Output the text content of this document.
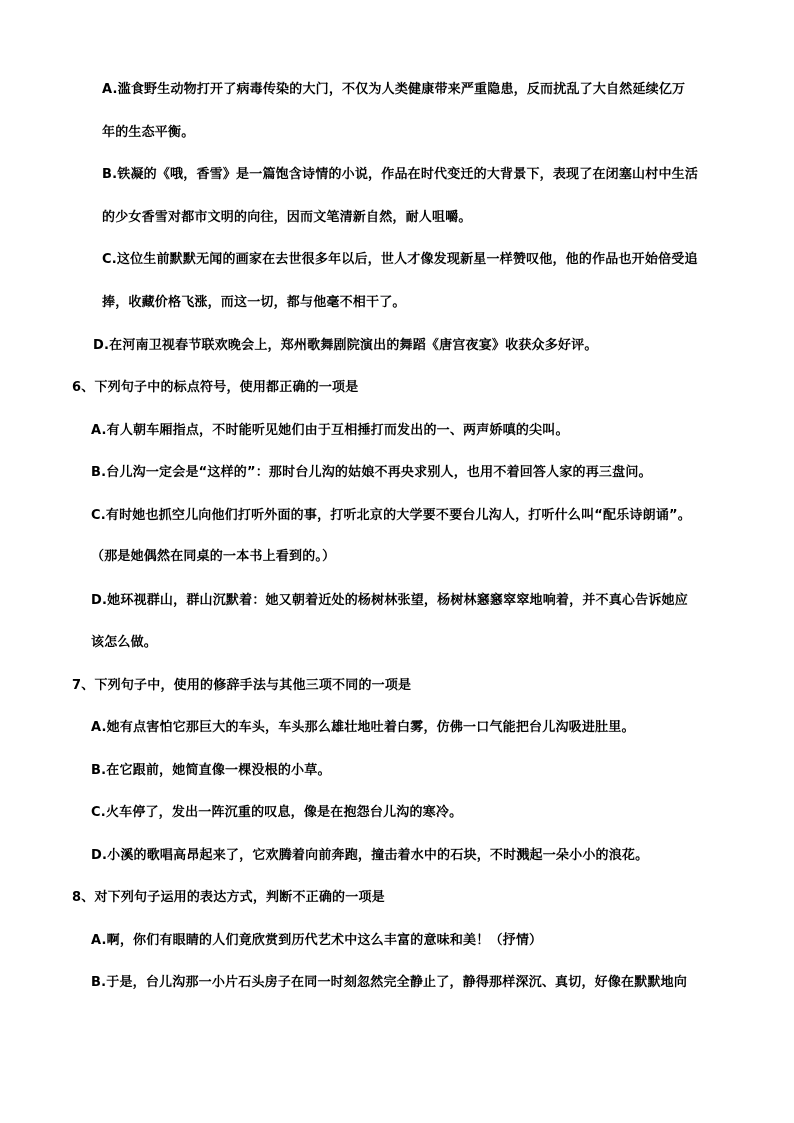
A.滥食野生动物打开了病毒传染的大门，不仅为人类健康带来严重隐患，反而扰乱了大自然延续亿万
年的生态平衡。
B.铁凝的《哦，香雪》是一篇饱含诗情的小说，作品在时代变迁的大背景下，表现了在闭塞山村中生活
的少女香雪对都市文明的向往，因而文笔清新自然，耐人咀嚼。
C.这位生前默默无闻的画家在去世很多年以后，世人才像发现新星一样赞叹他，他的作品也开始倍受追
捧，收藏价格飞涨，而这一切，都与他毫不相干了。
D.在河南卫视春节联欢晚会上，郑州歌舞剧院演出的舞蹈《唐宫夜宴》收获众多好评。
6、下列句子中的标点符号，使用都正确的一项是
A.有人朝车厢指点，不时能听见她们由于互相捶打而发出的一、两声娇嗔的尖叫。
B.台儿沟一定会是“这样的”：那时台儿沟的姑娘不再央求别人，也用不着回答人家的再三盘问。
C.有时她也抓空儿向他们打听外面的事，打听北京的大学要不要台儿沟人，打听什么叫“配乐诗朗诵”。
（那是她偶然在同桌的一本书上看到的。）
D.她环视群山，群山沉默着：她又朝着近处的杨树林张望，杨树林窸窸窣窣地响着，并不真心告诉她应
该怎么做。
7、下列句子中，使用的修辞手法与其他三项不同的一项是
A.她有点害怕它那巨大的车头，车头那么雄壮地吐着白雾，仿佛一口气能把台儿沟吸进肚里。
B.在它跟前，她简直像一棵没根的小草。
C.火车停了，发出一阵沉重的叹息，像是在抱怨台儿沟的寒冷。
D.小溪的歌唱高昂起来了，它欢腾着向前奔跑，撞击着水中的石块，不时溅起一朵小小的浪花。
8、对下列句子运用的表达方式，判断不正确的一项是
A.啊，你们有眼睛的人们竟欣赏到历代艺术中这么丰富的意味和美！（抒情）
B.于是，台儿沟那一小片石头房子在同一时刻忽然完全静止了，静得那样深沉、真切，好像在默默地向
